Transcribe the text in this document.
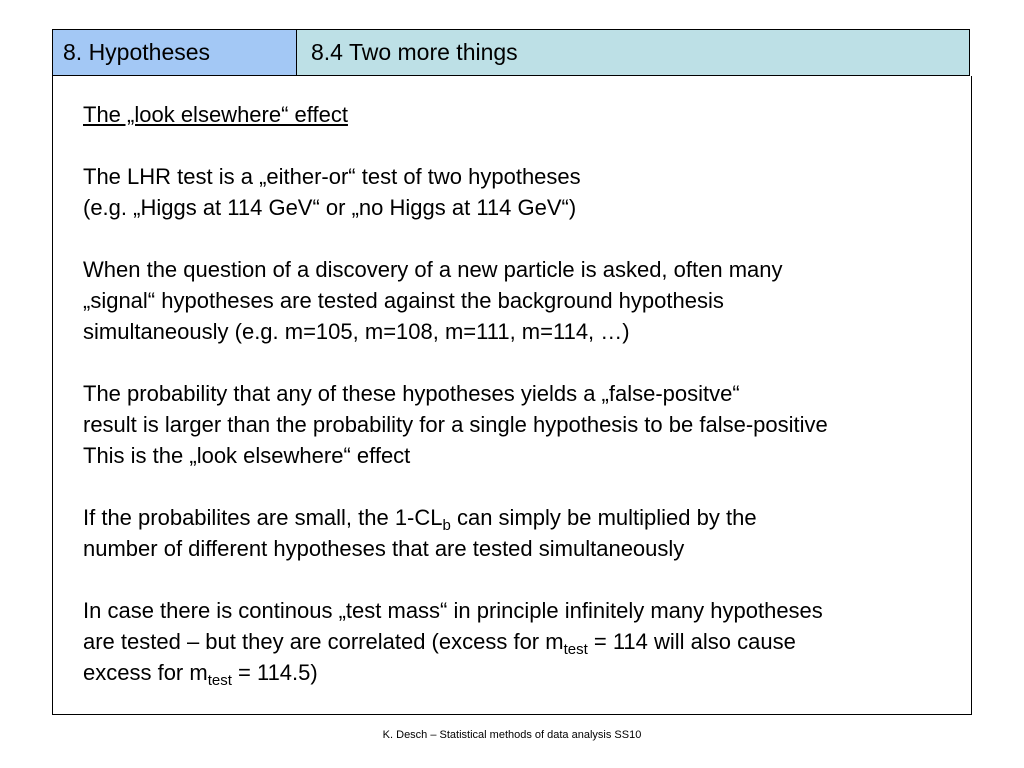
8. Hypotheses	8.4 Two more things

The „look elsewhere“ effect

The LHR test is a „either-or“ test of two hypotheses
(e.g. „Higgs at 114 GeV“ or „no Higgs at 114 GeV“)

When the question of a discovery of a new particle is asked, often many
„signal“ hypotheses are tested against the background hypothesis
simultaneously (e.g. m=105, m=108, m=111, m=114, …)

The probability that any of these hypotheses yields a „false-positve“
result is larger than the probability for a single hypothesis to be false-positive
This is the „look elsewhere“ effect

If the probabilites are small, the $1-CL_b$ can simply be multiplied by the
number of different hypotheses that are tested simultaneously

In case there is continous „test mass“ in principle infinitely many hypotheses
are tested – but they are correlated (excess for $m_{test} = 114$ will also cause
excess for $m_{test} = 114.5$)

K. Desch – Statistical methods of data analysis SS10
